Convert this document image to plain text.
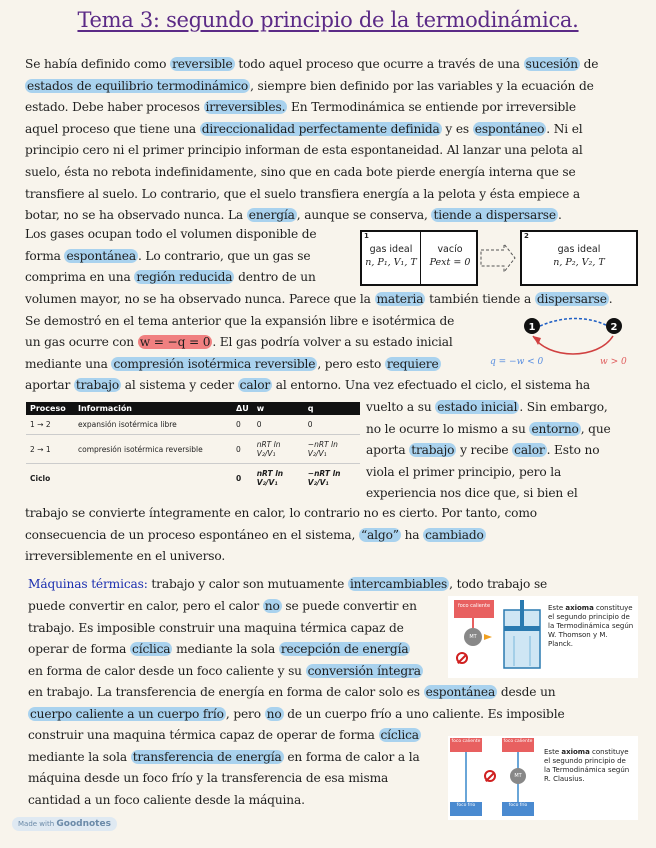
Tema 3: segundo principio de la termodinámica.
Se había definido como reversible todo aquel proceso que ocurre a través de una sucesión de
estados de equilibrio termodinámico , siempre bien definido por las variables y la ecuación de
estado. Debe haber procesos irreversibles. En Termodinámica se entiende por irreversible
aquel proceso que tiene una direccionalidad perfectamente definida y es espontáneo . Ni el
principio cero ni el primer principio informan de esta espontaneidad. Al lanzar una pelota al
suelo, ésta no rebota indefinidamente, sino que en cada bote pierde energía interna que se
transfiere al suelo. Lo contrario, que el suelo transfiera energía a la pelota y ésta empiece a
botar, no se ha observado nunca. La energía , aunque se conserva, tiende a dispersarse .
Los gases ocupan todo el volumen disponible de
forma espontánea . Lo contrario, que un gas se
comprima en una región reducida dentro de un
volumen mayor, no se ha observado nunca. Parece que la materia también tiende a dispersarse .
Se demostró en el tema anterior que la expansión libre e isotérmica de
un gas ocurre con w = −q = 0 . El gas podría volver a su estado inicial
mediante una compresión isotérmica reversible , pero esto requiere
aportar trabajo al sistema y ceder calor al entorno. Una vez efectuado el ciclo, el sistema ha
vuelto a su estado inicial . Sin embargo,
no le ocurre lo mismo a su entorno , que
aporta trabajo y recibe calor . Esto no
viola el primer principio, pero la
experiencia nos dice que, si bien el
trabajo se convierte íntegramente en calor, lo contrario no es cierto. Por tanto, como
consecuencia de un proceso espontáneo en el sistema, “algo” ha cambiado
irreversiblemente en el universo.
1
gas ideal
n, P₁, V₁, T
vacío
Pext = 0
2
gas ideal
n, P₂, V₂, T
1	2
q = −w < 0	w > 0
Proceso	Información	ΔU	w	q
1 → 2	expansión isotérmica libre	0	0	0
2 → 1	compresión isotérmica reversible	0	nRT ln V₂/V₁	−nRT ln V₂/V₁
Ciclo		0	nRT ln V₂/V₁	−nRT ln V₂/V₁
Máquinas térmicas: trabajo y calor son mutuamente intercambiables , todo trabajo se
puede convertir en calor, pero el calor no se puede convertir en
trabajo. Es imposible construir una maquina térmica capaz de
operar de forma cíclica mediante la sola recepción de energía
en forma de calor desde un foco caliente y su conversión íntegra
en trabajo. La transferencia de energía en forma de calor solo es espontánea desde un
cuerpo caliente a un cuerpo frío , pero no de un cuerpo frío a uno caliente. Es imposible
construir una maquina térmica capaz de operar de forma cíclica
mediante la sola transferencia de energía en forma de calor a la
máquina desde un foco frío y la transferencia de esa misma
cantidad a un foco caliente desde la máquina.
foco caliente
MT
Este axioma constituye el segundo principio de la Termodinámica según W. Thomson y M. Planck.
foco caliente	foco caliente
MT
foco frío	foco frío
Este axioma constituye el segundo principio de la Termodinámica según R. Clausius.
Made with Goodnotes
